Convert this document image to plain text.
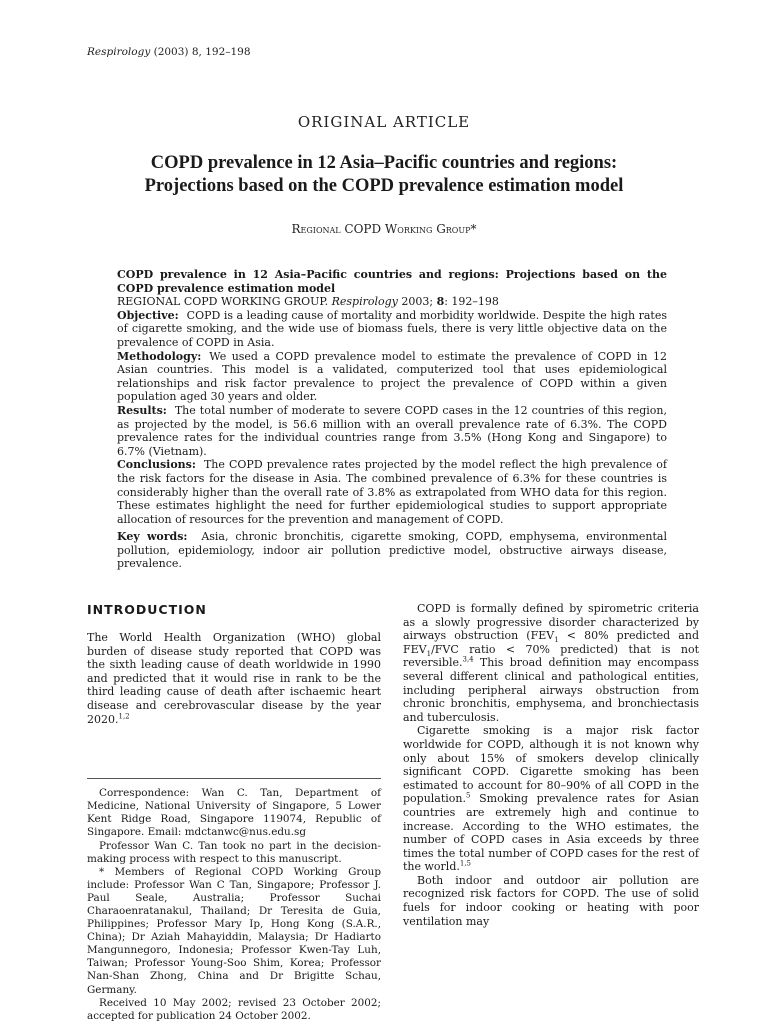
Respirology (2003) 8, 192–198
ORIGINAL ARTICLE
COPD prevalence in 12 Asia–Pacific countries and regions:
Projections based on the COPD prevalence estimation model
Regional COPD Working Group*

COPD prevalence in 12 Asia–Pacific countries and regions: Projections based on the COPD prevalence estimation model

REGIONAL COPD WORKING GROUP. Respirology 2003; 8: 192–198

Objective: COPD is a leading cause of mortality and morbidity worldwide. Despite the high rates of cigarette smoking, and the wide use of biomass fuels, there is very little objective data on the prevalence of COPD in Asia.

Methodology: We used a COPD prevalence model to estimate the prevalence of COPD in 12 Asian countries. This model is a validated, computerized tool that uses epidemiological relationships and risk factor prevalence to project the prevalence of COPD within a given population aged 30 years and older.

Results: The total number of moderate to severe COPD cases in the 12 countries of this region, as projected by the model, is 56.6 million with an overall prevalence rate of 6.3%. The COPD prevalence rates for the individual countries range from 3.5% (Hong Kong and Singapore) to 6.7% (Vietnam).

Conclusions: The COPD prevalence rates projected by the model reflect the high prevalence of the risk factors for the disease in Asia. The combined prevalence of 6.3% for these countries is considerably higher than the overall rate of 3.8% as extrapolated from WHO data for this region. These estimates highlight the need for further epidemiological studies to support appropriate allocation of resources for the prevention and management of COPD.

Key words: Asia, chronic bronchitis, cigarette smoking, COPD, emphysema, environmental pollution, epidemiology, indoor air pollution predictive model, obstructive airways disease, prevalence.
INTRODUCTION

The World Health Organization (WHO) global burden of disease study reported that COPD was the sixth leading cause of death worldwide in 1990 and predicted that it would rise in rank to be the third leading cause of death after ischaemic heart disease and cerebrovascular disease by the year 2020.$^{1,2}$

Correspondence: Wan C. Tan, Department of Medicine, National University of Singapore, 5 Lower Kent Ridge Road, Singapore 119074, Republic of Singapore. Email: mdctanwc@nus.edu.sg

Professor Wan C. Tan took no part in the decision-making process with respect to this manuscript.

* Members of Regional COPD Working Group include: Professor Wan C Tan, Singapore; Professor J. Paul Seale, Australia; Professor Suchai Charaoenratanakul, Thailand; Dr Teresita de Guia, Philippines; Professor Mary Ip, Hong Kong (S.A.R., China); Dr Aziah Mahayiddin, Malaysia; Dr Hadiarto Mangunnegoro, Indonesia; Professor Kwen-Tay Luh, Taiwan; Professor Young-Soo Shim, Korea; Professor Nan-Shan Zhong, China and Dr Brigitte Schau, Germany.

Received 10 May 2002; revised 23 October 2002; accepted for publication 24 October 2002.

COPD is formally defined by spirometric criteria as a slowly progressive disorder characterized by airways obstruction ($FEV_1 < 80\%$ predicted and $FEV_1$/FVC ratio < 70% predicted) that is not reversible.$^{3,4}$ This broad definition may encompass several different clinical and pathological entities, including peripheral airways obstruction from chronic bronchitis, emphysema, and bronchiectasis and tuberculosis.

Cigarette smoking is a major risk factor worldwide for COPD, although it is not known why only about 15% of smokers develop clinically significant COPD. Cigarette smoking has been estimated to account for 80–90% of all COPD in the population.$^5$ Smoking prevalence rates for Asian countries are extremely high and continue to increase. According to the WHO estimates, the number of COPD cases in Asia exceeds by three times the total number of COPD cases for the rest of the world.$^{1,5}$

Both indoor and outdoor air pollution are recognized risk factors for COPD. The use of solid fuels for indoor cooking or heating with poor ventilation may
